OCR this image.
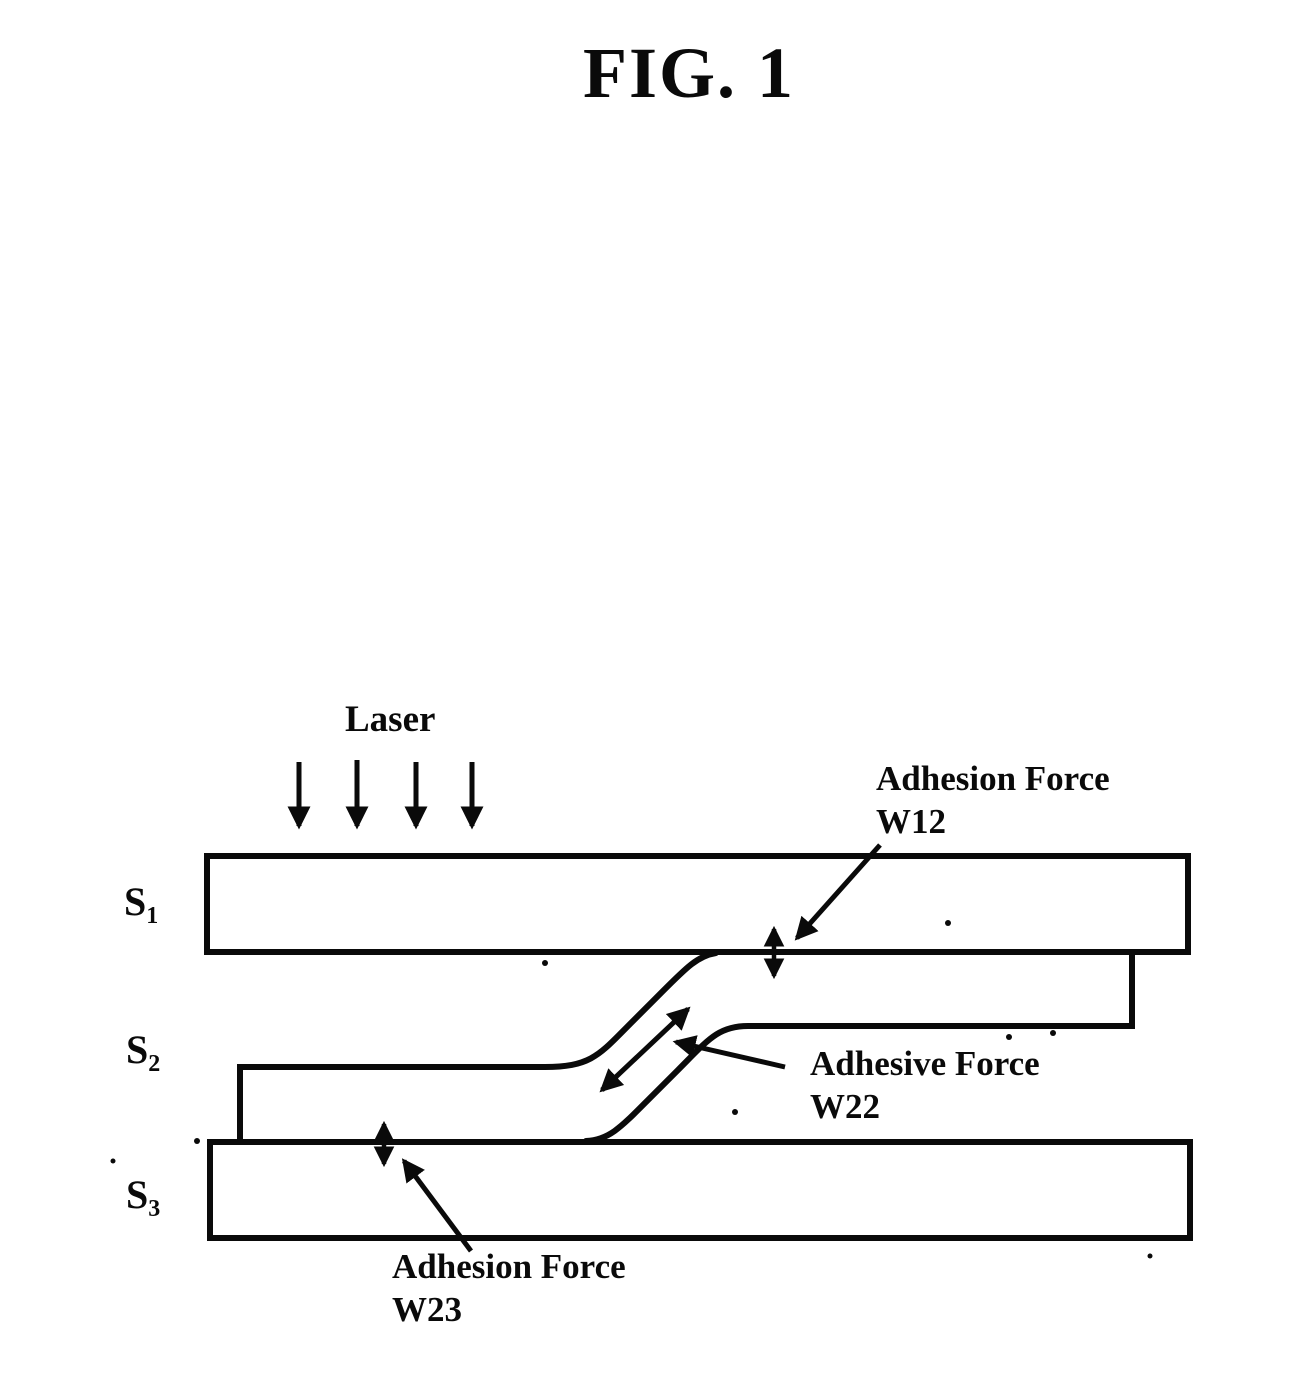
FIG. 1
Laser
$S_1$
$S_2$
$S_3$
Adhesion Force
W12
Adhesive Force
W22
Adhesion Force
W23
